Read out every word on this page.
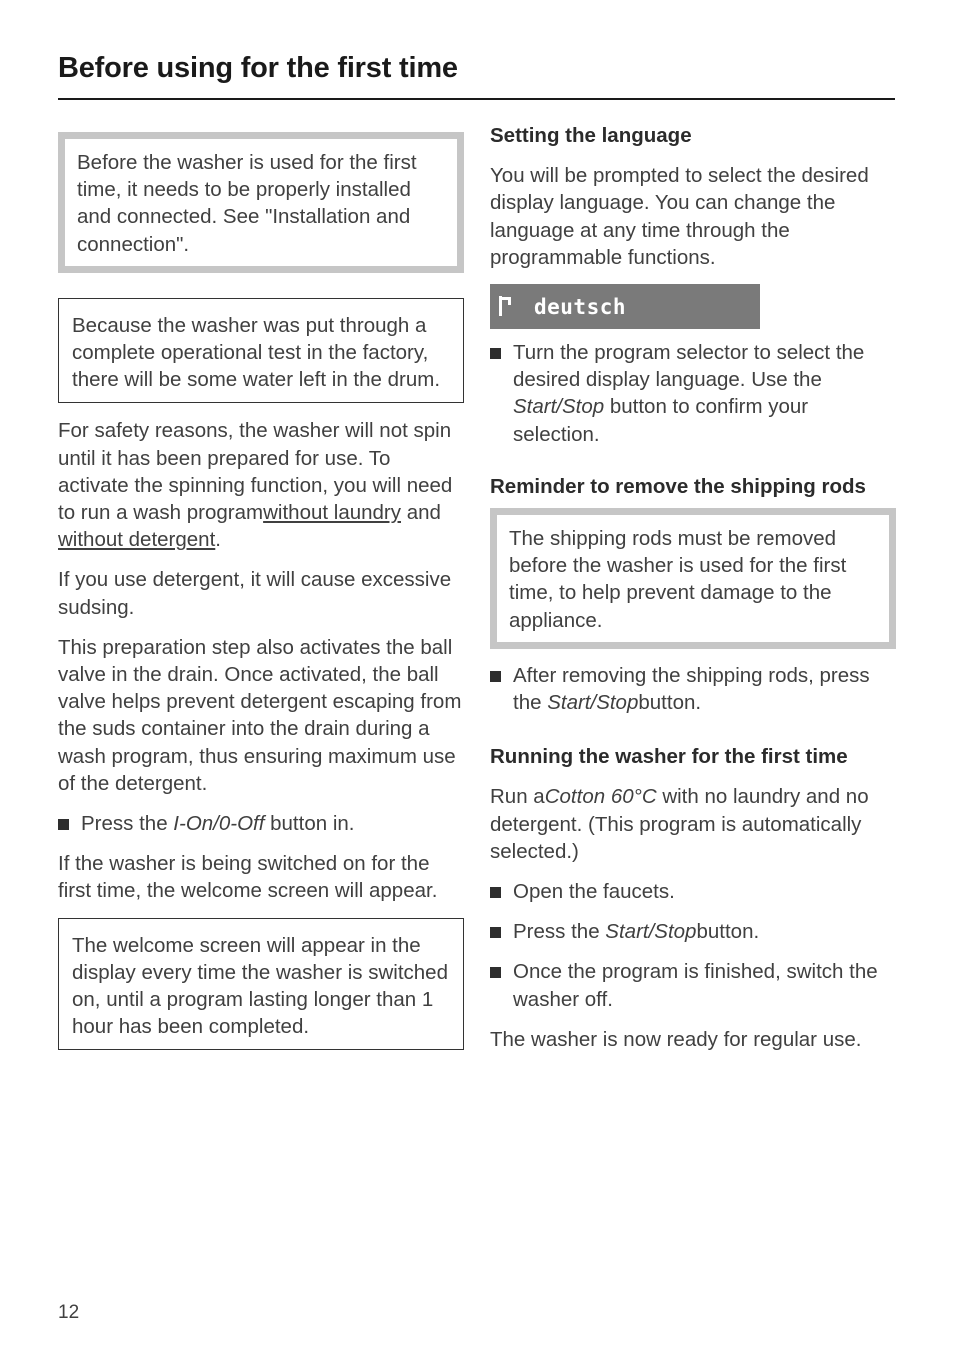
Before using for the first time
Before the washer is used for the first time, it needs to be properly installed and connected. See "Installation and connection".
Because the washer was put through a complete operational test in the factory, there will be some water left in the drum.

For safety reasons, the washer will not spin until it has been prepared for use. To activate the spinning function, you will need to run a wash programwithout laundry and without detergent.

If you use detergent, it will cause excessive sudsing.

This preparation step also activates the ball valve in the drain. Once activated, the ball valve helps prevent detergent escaping from the suds container into the drain during a wash program, thus ensuring maximum use of the detergent.

Press the I-On/0-Off button in.

If the washer is being switched on for the first time, the welcome screen will appear.

The welcome screen will appear in the display every time the washer is switched on, until a program lasting longer than 1 hour has been completed.
Setting the language

You will be prompted to select the desired display language. You can change the language at any time through the programmable functions.

deutsch
Turn the program selector to select the desired display language. Use the Start/Stop button to confirm your selection.
Reminder to remove the shipping rods
The shipping rods must be removed before the washer is used for the first time, to help prevent damage to the appliance.
After removing the shipping rods, press the Start/Stopbutton.
Running the washer for the first time

Run aCotton 60°C with no laundry and no detergent. (This program is automatically selected.)

Open the faucets.
Press the Start/Stopbutton.
Once the program is finished, switch the washer off.

The washer is now ready for regular use.

12
